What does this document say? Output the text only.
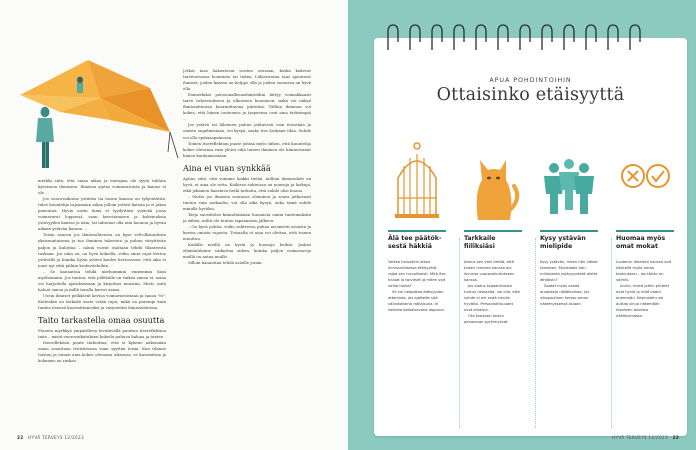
merkki siitä, että omaa aikaa ja energiaa ole syytä tuhlata kyseiseen ihmiseen. Ihmisen ajatus voimavaroista ja kaiuus ei ole ...

Jos vuorovaikutus ystävän tai toisen kanssa on tyhjentävää, tulee kuuntelija rajaamaan aikaa jolloin ystävä katoaa ja ei jaksa paneutua. Hyvin usein tämä ei tyydyttäisi ystävää jossa voimavarat loppuvat, vaan korostamisen ja kokemuksia ystävyyden kanssa ja näin, tai tahtonut olla niin huonon ja hyvän aikaan ystävän kanssa ...

Toisin sanoen jos ihmissuhteessa on kyse velvollisuudesta yksisuuntaisena ja tuo ihminen tukeutuu ja puhuu väsyttävän paljon ja kuluttaa – nämä voivat osaltaan tehdä tilanteesta raskaan. Jos näin on, on hyvä kokeilla, voiko omat rajat kertoa ystävälle ja kuinka hyvin ystävä kuulee kertoessasi, että aika ei juuri nyt riitä pitkiin keskusteluihin.

– Se kannattaa tehdä mieluummin ennemmin kuin myöhemmin. Jos tuntuu, että jollekulle on vaikea sanoa ei, asiaa voi harjoitella ajatuksissaan ja kirjoittaa muistiin. Mieti, mitä haluat sanoa ja millä tavalla kerrot asiasi.

Usein ihmiset pelkäävät kertoa voimavaroistaan ja sanoa "ei". Kuitenkin on tärkeää osata vetää rajat, mikä on parempi kuin tuntea itsensä kuormittuneeksi ja väsyneeksi ihmissuhteissa.

Taito tarkastella omaa osuutta

Moneta myrkkyä ympärilleen levittävällä puuttuu itsereflektion taito – mistä vuorovaikutuksen kokeilu puhuva haluaa ja tuntee.

Itsereflektion puute tarkoittaa, että ei kykene näkemään omaa osuuttaan ristiriitoissa vaan syyttää toisia. Kun tilanne toistuu ja toinen aina kokee olevansa oikeassa, se kuormittaa ja kokemus on raskas.

Jotkut taas hakeutuvat toisten seuraan, koska kokevat tarvitsevansa huomiota tai tukea. Lähiseuraan taas ajautuvat ihmiset, joiden kanssa on helppo olla ja joiden seurassa on hyvä olla.

Esimerkiksi persoonallisuushäiriöihin liittyy voimakkaasti tarve vahvistukseen ja ulkoiseen huomioon, mikä voi näkyä ihmissuhteissa kuormittavina piirteinä. Tällöin ihminen voi kokea, että hänen tunteensa ja tarpeensa ovat aina tärkeimpiä ...

Jos ystävä tai läheinen puhuu jatkuvasti vain itsestään ja omista ongelmistaan, voi kysyä, saako itse koskaan tilaa. Suhde voi olla epätasapainossa.

Toinen itsereflektion puute johtaa myös siihen, että kuuntelija kokee olevansa vain yleisö eikä toinen ihminen ole kiinnostunut hänen kuulumisistaan.

Aina ei vuan synkkää

Ajatus siitä, että voimme kaikki tietää, milloin ihmissuhde on hyvä, ei aina ole totta. Kaikissa suhteissa on nousuja ja laskuja, eikä jokainen haastava hetki tarkoita, että suhde olisi huono.

– Mutta jos ihmisen seurassa oleminen ja seura jatkuvasti tuntuu vain raskaalta, voi olla aika kysyä, onko tämä suhde minulle hyväksi.

Tarja suosittelee kiinnittämään huomiota omiin tuntemuksiin ja siihen, miltä olo tuntuu tapaamisen jälkeen.

– On hyvä pohtia, voiko suhteessa puhua avoimesti asioista ja kertoa omista rajoista. Toisaalta ei aina voi olettaa, että toinen muuttuu.

Kaikilla meillä on hyviä ja huonoja hetkiä. Joskus elämäntilanne vaikuttaa siihen, kuinka paljon voimavaroja meillä on antaa muille.

Silloin kannattaa tehdä asioille jotain.

22 HYVÄ TERVEYS 12/2023
APUA POHDINTOIHIN
Ottaisinko etäisyyttä
Älä tee päätök-sestä häkkiä

Vaikka halusitkin ottaa ihmissuhteessa etäisyyttä, rajaa sen turvallisesti. Mitä itse haluat ja tarvitset ja miten voit valita tukea?

Se voi helpottaa etäisyyden ottamista, jos ajattelet sitä väliaikaisena ratkaisuna, ei kaikkea katkaisevana loppuna.

Tarkkaile fiiliksiäsi

Joskus sen vain tietää, että toisen ihmisen kanssa ole lovunsa vuorovaikutukseen kanssa.

Jos ajatus tapaamisesta tuntuu raskaalta, voi olla, että suhde ei ole enää sinulle hyväksi. Persoonallisuudet ovat erilaisia.

Ota tosissasi toisen persoonan pyrkimykset.

Kysy ystävän mielipide

Kysy ystävän, miten hän näkee tilanteen. Muistaako hän, millaisesta ystävyydestä olette lähtöisin?

Saatat myös saada arvokasta näkökulmaa, jos ulkopuolinen kertoo oman näkemyksensä asiaan.

Huomaa myös omat mokat

Luotetun läheisen kanssa voit käsitellä myös omaa toimintaasi – jos tähän on valmis.

Arvioi, mistä jotkin piirteet ovat hyviä ja mitä vaatii enemmän. Keskustelu voi auttaa sinua näkemään tilanteen toisesta näkökulmasta.

HYVÄ TERVEYS 12/2023 23
